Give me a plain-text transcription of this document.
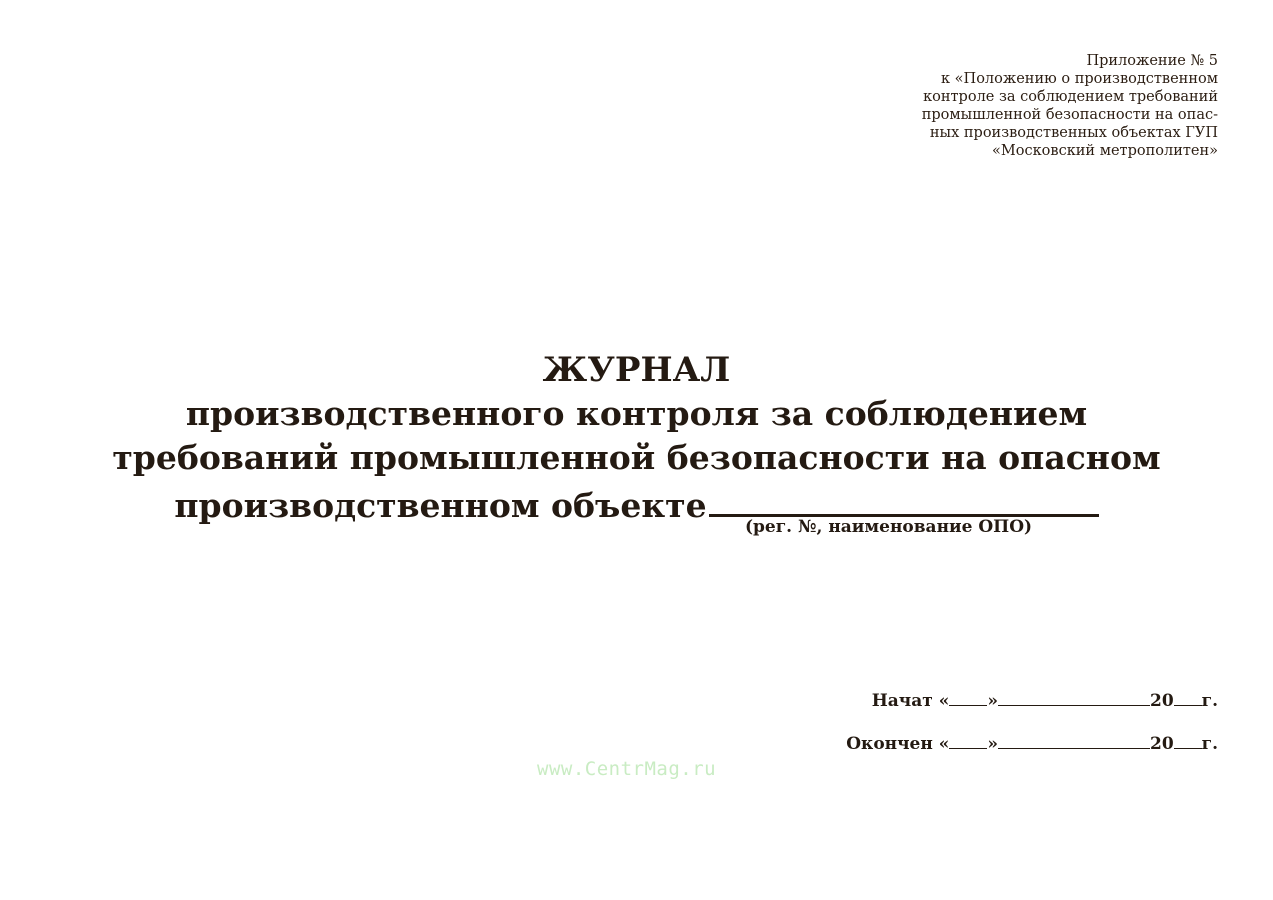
Приложение № 5
к «Положению о производственном
контроле за соблюдением требований
промышленной безопасности на опас-
ных производственных объектах ГУП
«Московский метрополитен»
ЖУРНАЛ
производственного контроля за соблюдением
требований промышленной безопасности на опасном
производственном объекте
(рег. №, наименование ОПО)
Начат « »	20 г.
Окончен « »	20 г.
www.CentrMag.ru
